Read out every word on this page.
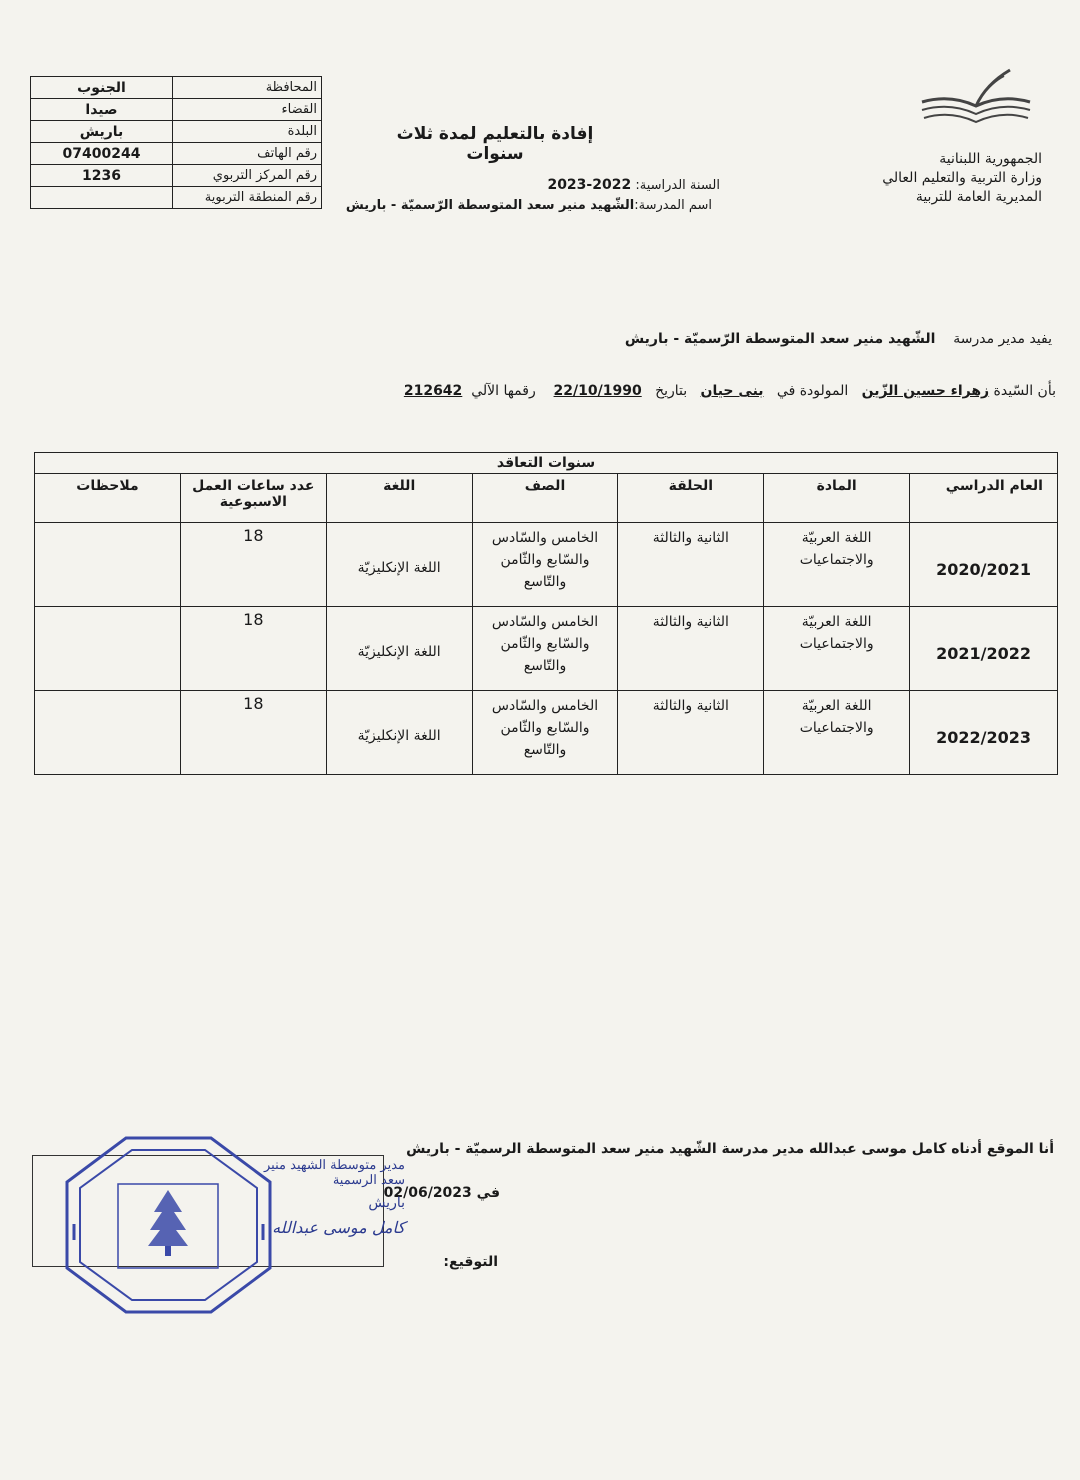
الجمهورية اللبنانية
وزارة التربية والتعليم العالي
المديرية العامة للتربية
الجنوب	المحافظة
صيدا	القضاء
باريش	البلدة
07400244	رقم الهاتف
1236	رقم المركز التربوي
	رقم المنطقة التربوية
إفادة بالتعليم لمدة ثلاث سنوات
السنة الدراسية: 2022-2023
اسم المدرسة:الشّهيد منير سعد المتوسطة الرّسميّة - باريش
يفيد مدير مدرسة    الشّهيد منير سعد المتوسطة الرّسميّة - باريش
بأن السّيدة زهراء حسين الزّين   المولودة في   بنى حيان   بتاريخ   22/10/1990    رقمها الآلي  212642
سنوات التعاقد						
العام الدراسي	المادة	الحلقة	الصف	اللغة	عدد ساعات العمل الاسبوعية	ملاحظات
2020/2021	اللغة العربيّة والاجتماعيات	الثانية والثالثة	الخامس والسّادس والسّابع والثّامن والتّاسع	اللغة الإنكليزيّة	18	
2021/2022	اللغة العربيّة والاجتماعيات	الثانية والثالثة	الخامس والسّادس والسّابع والثّامن والتّاسع	اللغة الإنكليزيّة	18	
2022/2023	اللغة العربيّة والاجتماعيات	الثانية والثالثة	الخامس والسّادس والسّابع والثّامن والتّاسع	اللغة الإنكليزيّة	18	
أنا الموقع أدناه كامل موسى عبدالله مدير مدرسة الشّهيد منير سعد المتوسطة الرسميّة - باريش
في 02/06/2023
التوقيع:
مدير متوسطة الشهيد منير سعد الرسمية
باريش
كامل موسى عبدالله
